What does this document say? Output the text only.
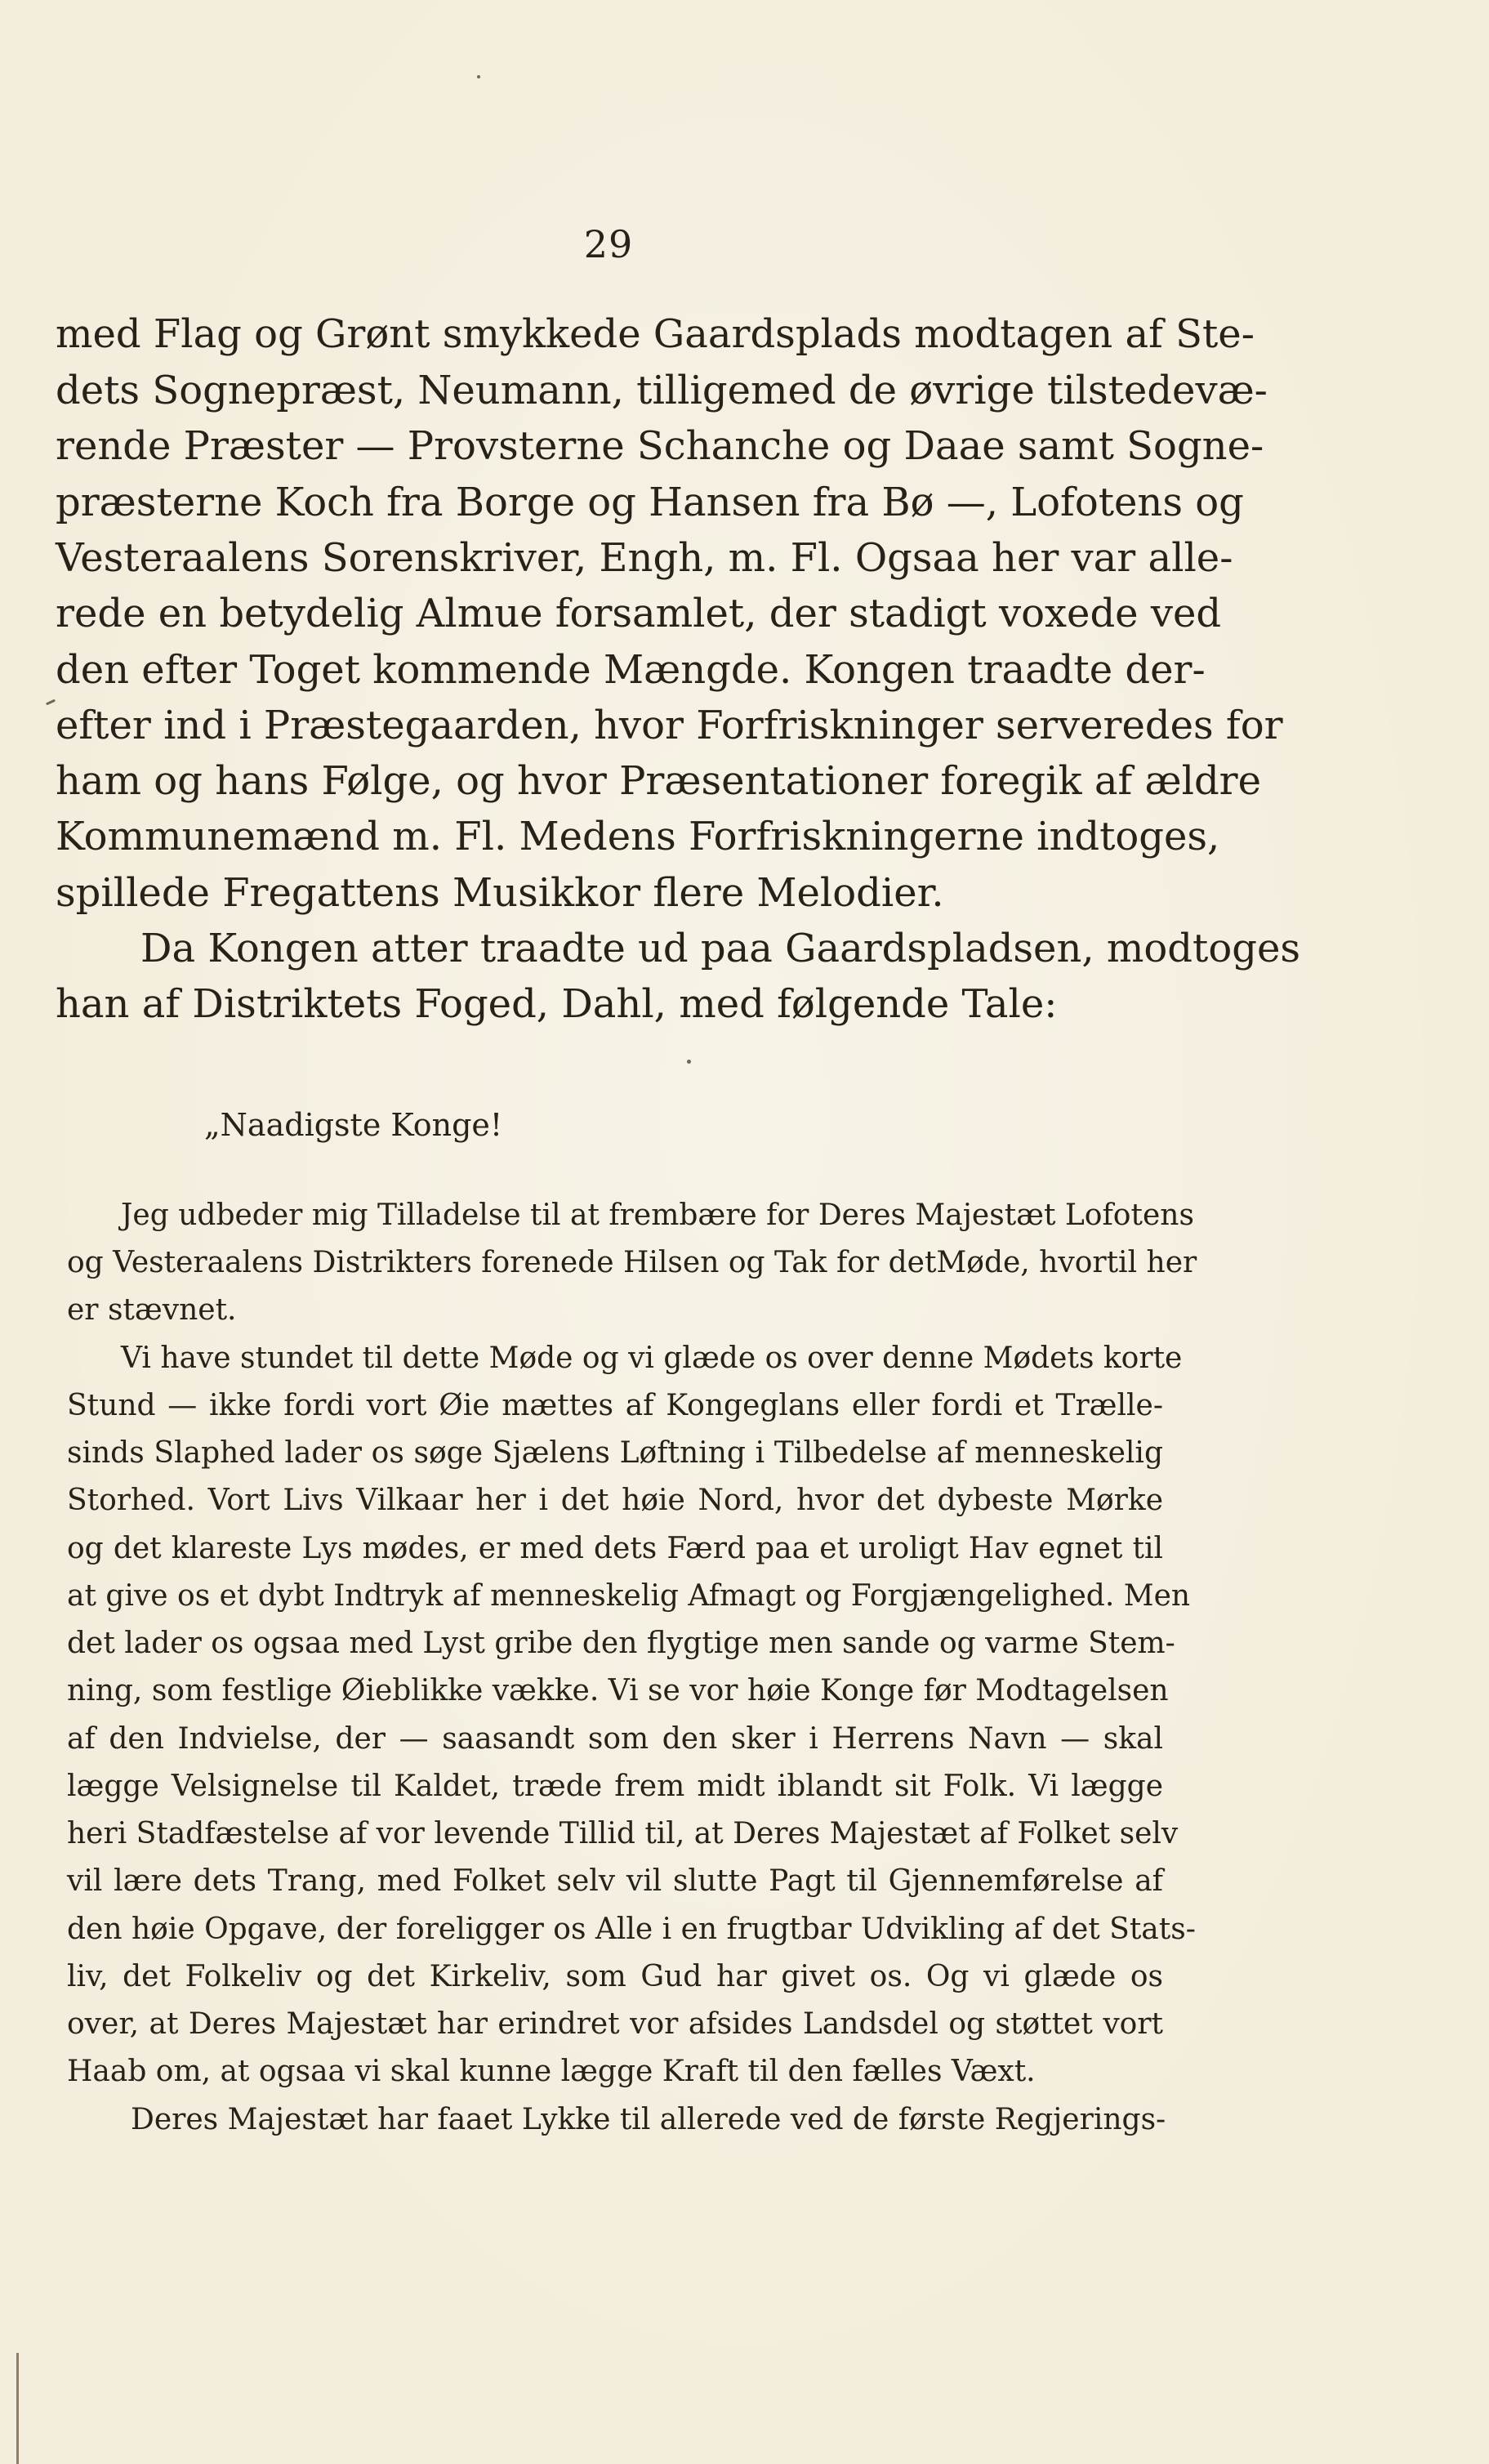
29
med Flag og Grønt smykkede Gaardsplads modtagen af Ste-
dets Sognepræst, Neumann, tilligemed de øvrige tilstedevæ-
rende Præster — Provsterne Schanche og Daae samt Sogne-
præsterne Koch fra Borge og Hansen fra Bø —, Lofotens og
Vesteraalens Sorenskriver, Engh, m. Fl. Ogsaa her var alle-
rede en betydelig Almue forsamlet, der stadigt voxede ved
den efter Toget kommende Mængde. Kongen traadte der-
efter ind i Præstegaarden, hvor Forfriskninger serveredes for
ham og hans Følge, og hvor Præsentationer foregik af ældre
Kommunemænd m. Fl. Medens Forfriskningerne indtoges,
spillede Fregattens Musikkor flere Melodier.
Da Kongen atter traadte ud paa Gaardspladsen, modtoges
han af Distriktets Foged, Dahl, med følgende Tale:
„Naadigste Konge!
Jeg udbeder mig Tilladelse til at frembære for Deres Majestæt Lofotens
og Vesteraalens Distrikters forenede Hilsen og Tak for detMøde, hvortil her
er stævnet.
Vi have stundet til dette Møde og vi glæde os over denne Mødets korte
Stund — ikke fordi vort Øie mættes af Kongeglans eller fordi et Trælle-
sinds Slaphed lader os søge Sjælens Løftning i Tilbedelse af menneskelig
Storhed. Vort Livs Vilkaar her i det høie Nord, hvor det dybeste Mørke
og det klareste Lys mødes, er med dets Færd paa et uroligt Hav egnet til
at give os et dybt Indtryk af menneskelig Afmagt og Forgjængelighed. Men
det lader os ogsaa med Lyst gribe den flygtige men sande og varme Stem-
ning, som festlige Øieblikke vække. Vi se vor høie Konge før Modtagelsen
af den Indvielse, der — saasandt som den sker i Herrens Navn — skal
lægge Velsignelse til Kaldet, træde frem midt iblandt sit Folk. Vi lægge
heri Stadfæstelse af vor levende Tillid til, at Deres Majestæt af Folket selv
vil lære dets Trang, med Folket selv vil slutte Pagt til Gjennemførelse af
den høie Opgave, der foreligger os Alle i en frugtbar Udvikling af det Stats-
liv, det Folkeliv og det Kirkeliv, som Gud har givet os. Og vi glæde os
over, at Deres Majestæt har erindret vor afsides Landsdel og støttet vort
Haab om, at ogsaa vi skal kunne lægge Kraft til den fælles Væxt.
Deres Majestæt har faaet Lykke til allerede ved de første Regjerings-
